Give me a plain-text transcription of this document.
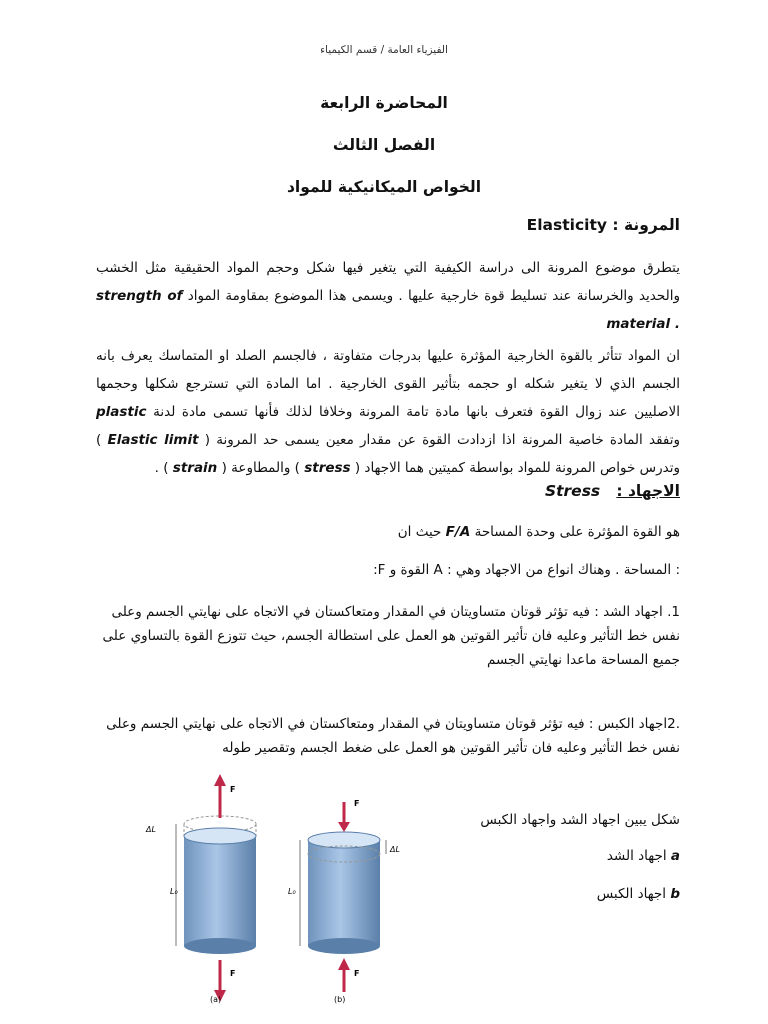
الفيزياء العامة / قسم الكيمياء
المحاضرة الرابعة
الفصل الثالث
الخواص الميكانيكية للمواد
المرونة : Elasticity
يتطرق موضوع المرونة الى دراسة الكيفية التي يتغير فيها شكل وحجم المواد الحقيقية مثل الخشب والحديد والخرسانة عند تسليط قوة خارجية عليها . ويسمى هذا الموضوع بمقاومة المواد strength of material .
ان المواد تتأثر بالقوة الخارجية المؤثرة عليها بدرجات متفاوتة ، فالجسم الصلد او المتماسك يعرف بانه الجسم الذي لا يتغير شكله او حجمه بتأثير القوى الخارجية . اما المادة التي تسترجع شكلها وحجمها الاصليين عند زوال القوة فتعرف بانها مادة تامة المرونة وخلافا لذلك فأنها تسمى مادة لدنة plastic وتفقد المادة خاصية المرونة اذا ازدادت القوة عن مقدار معين يسمى حد المرونة ( Elastic limit ) وتدرس خواص المرونة للمواد بواسطة كميتين هما الاجهاد ( stress ) والمطاوعة ( strain ) .
الاجهاد :   Stress
هو القوة المؤثرة على وحدة المساحة F/A حيث ان
:F القوة و A : المساحة . وهناك انواع من الاجهاد وهي :
1. اجهاد الشد : فيه تؤثر قوتان متساويتان في المقدار ومتعاكستان في الاتجاه على نهايتي الجسم وعلى نفس خط التأثير وعليه فان تأثير القوتين هو العمل على استطالة الجسم، حيث تتوزع القوة بالتساوي على جميع المساحة ماعدا نهايتي الجسم
.2اجهاد الكبس : فيه تؤثر قوتان متساويتان في المقدار ومتعاكستان في الاتجاه على نهايتي الجسم وعلى نفس خط التأثير وعليه فان تأثير القوتين هو العمل على ضغط الجسم وتقصير طوله
شكل يبين اجهاد الشد واجهاد الكبس
a اجهاد الشد
b اجهاد الكبس
F
F
ΔL
L₀
(a)
F
F
ΔL
L₀
(b)
